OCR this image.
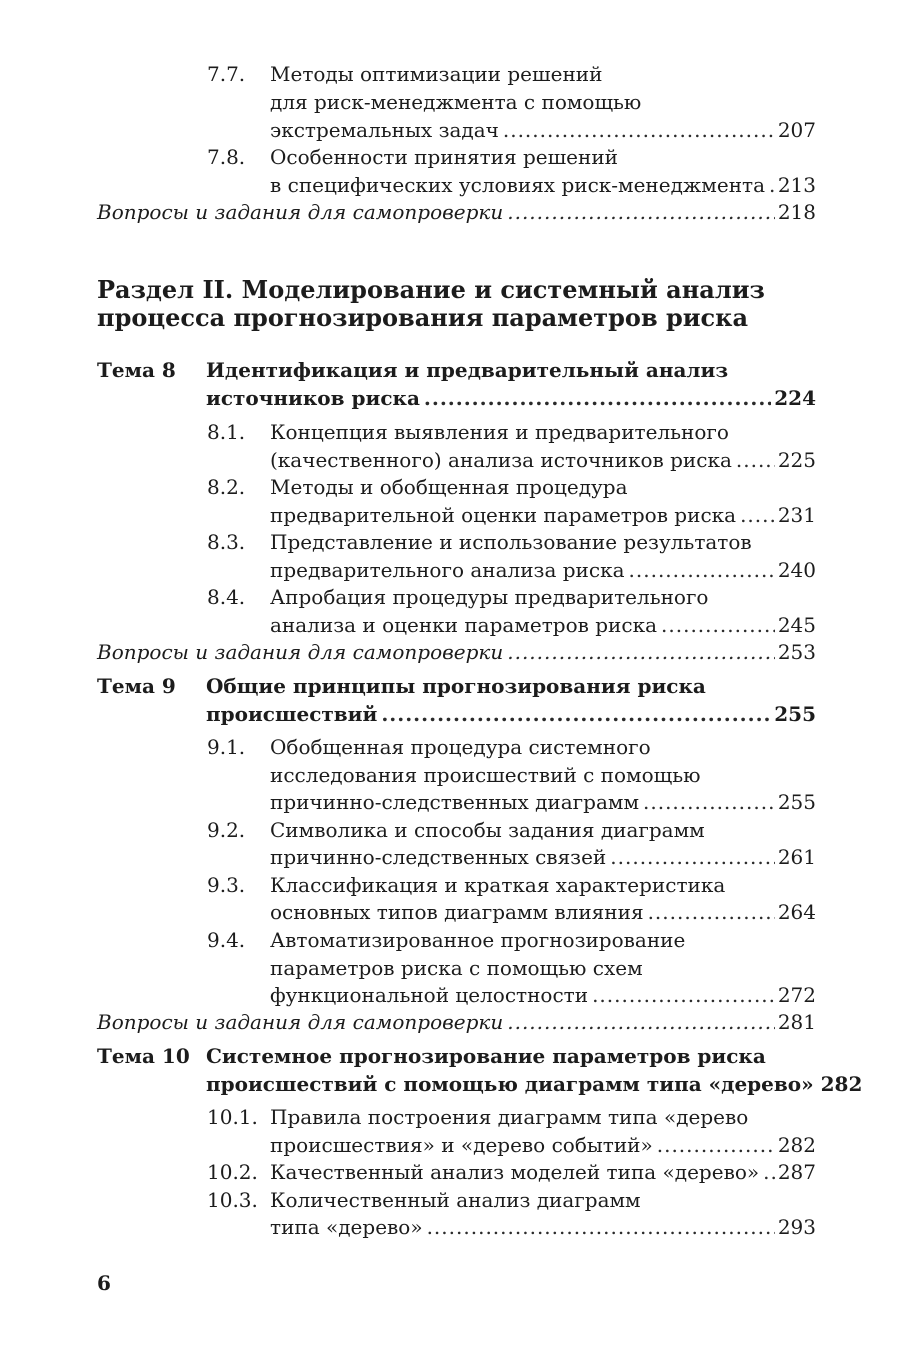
7.7. Методы оптимизации решений
для риск-менеджмента с помощью
экстремальных задач .....	207
7.8. Особенности принятия решений
в специфических условиях риск-менеджмента ..... 213
Вопросы и задания для самопроверки .....	218
Раздел II. Моделирование и системный анализ
процесса прогнозирования параметров риска
Тема 8 Идентификация и предварительный анализ
источников риска .....	224
8.1. Концепция выявления и предварительного
(качественного) анализа источников риска ..... 225
8.2. Методы и обобщенная процедура
предварительной оценки параметров риска ..... 231
8.3. Представление и использование результатов
предварительного анализа риска .....	240
8.4. Апробация процедуры предварительного
анализа и оценки параметров риска .....	245
Вопросы и задания для самопроверки .....	253
Тема 9 Общие принципы прогнозирования риска
происшествий .....	255
9.1. Обобщенная процедура системного
исследования происшествий с помощью
причинно-следственных диаграмм .....	255
9.2. Символика и способы задания диаграмм
причинно-следственных связей .....	261
9.3. Классификация и краткая характеристика
основных типов диаграмм влияния .....	264
9.4. Автоматизированное прогнозирование
параметров риска с помощью схем
функциональной целостности .....	272
Вопросы и задания для самопроверки .....	281
Тема 10 Системное прогнозирование параметров риска
происшествий с помощью диаграмм типа «дерево» 282
10.1. Правила построения диаграмм типа «дерево
происшествия» и «дерево событий» .....	282
10.2. Качественный анализ моделей типа «дерево» ..... 287
10.3. Количественный анализ диаграмм
типа «дерево» .....	293
6
